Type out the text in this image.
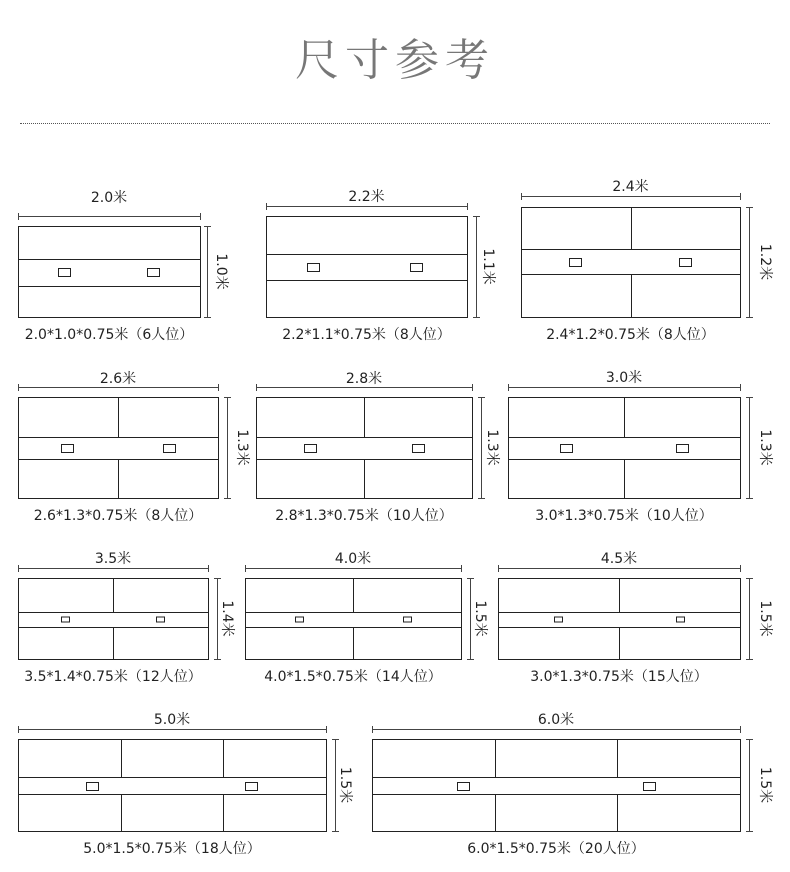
尺寸参考
2.0米
1.0米
2.0*1.0*0.75米（6人位）
2.2米
1.1米
2.2*1.1*0.75米（8人位）
2.4米
1.2米
2.4*1.2*0.75米（8人位）
2.6米
1.3米
2.6*1.3*0.75米（8人位）
2.8米
1.3米
2.8*1.3*0.75米（10人位）
3.0米
1.3米
3.0*1.3*0.75米（10人位）
3.5米
1.4米
3.5*1.4*0.75米（12人位）
4.0米
1.5米
4.0*1.5*0.75米（14人位）
4.5米
1.5米
3.0*1.3*0.75米（15人位）
5.0米
1.5米
5.0*1.5*0.75米（18人位）
6.0米
1.5米
6.0*1.5*0.75米（20人位）
